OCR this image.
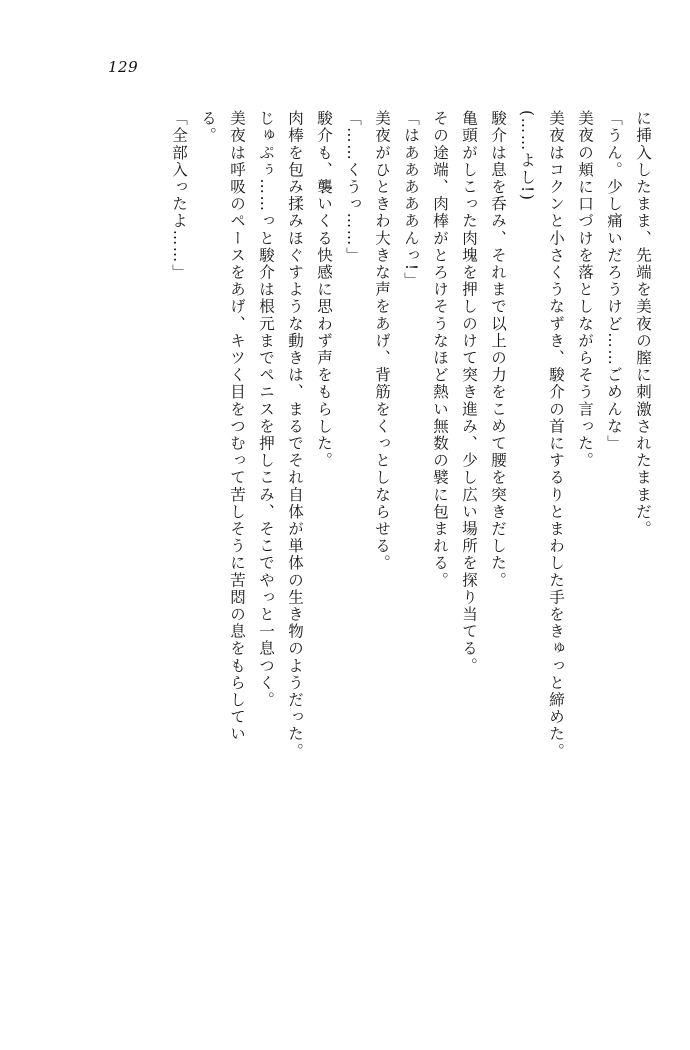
129
「全部入ったよ……」 る。 美夜は呼吸のペースをあげ、キツく目をつむって苦しそうに苦悶の息をもらしてい じゅぷぅ……っと駿介は根元までペニスを押しこみ、そこでやっと一息つく。 肉棒を包み揉みほぐすような動きは、まるでそれ自体が単体の生き物のようだった。 駿介も、襲いくる快感に思わず声をもらした。 「……くうっ……」 美夜がひときわ大きな声をあげ、背筋をくっとしならせる。 「はあああああんっ!」 その途端、肉棒がとろけそうなほど熱い無数の襞に包まれる。 亀頭がしこった肉塊を押しのけて突き進み、少し広い場所を探り当てる。 駿介は息を呑み、それまで以上の力をこめて腰を突きだした。 (……よし!) 美夜はコクンと小さくうなずき、駿介の首にするりとまわした手をきゅっと締めた。 美夜の頬に口づけを落としながらそう言った。 「うん。少し痛いだろうけど……ごめんな」 に挿入したまま、先端を美夜の膣に刺激されたままだ。
